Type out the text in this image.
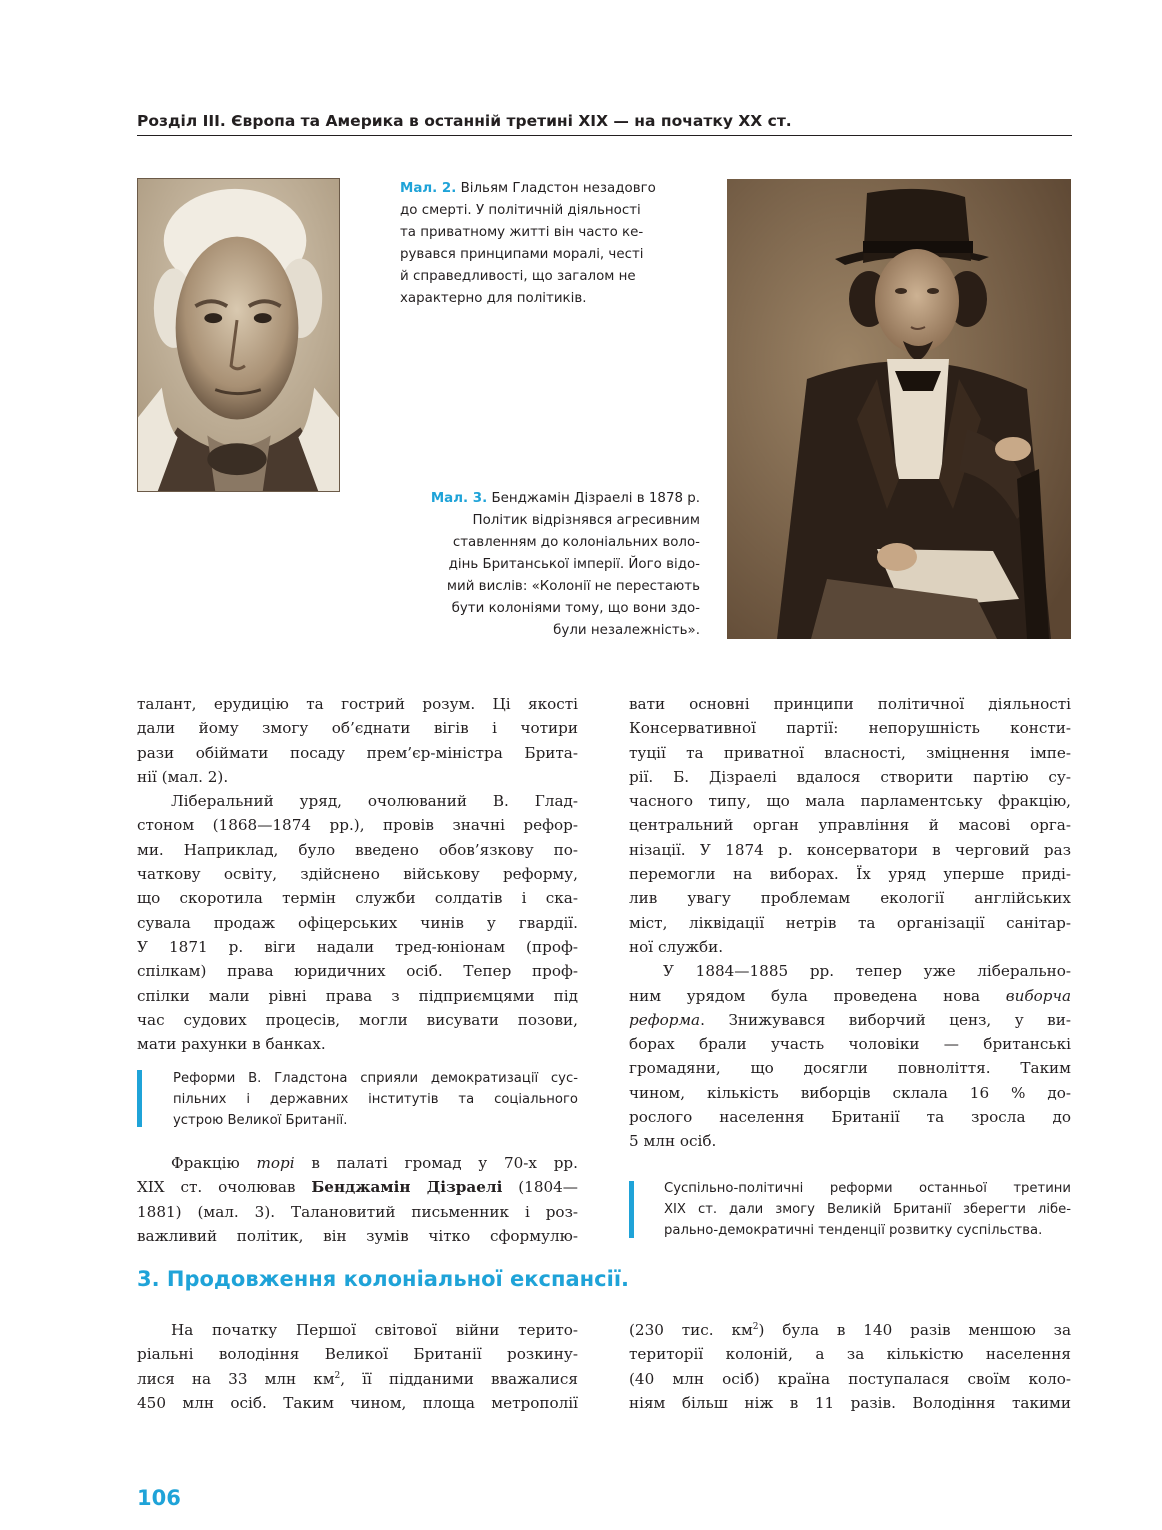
Розділ III. Європа та Америка в останній третині XIX — на початку XX ст.

Мал. 2. Вільям Гладстон незадовго

до смерті. У політичній діяльності

та приватному житті він часто ке-

рувався принципами моралі, честі

й справедливості, що загалом не

характерно для політиків.

Мал. 3. Бенджамін Дізраелі в 1878 р.

Політик відрізнявся агресивним

ставленням до колоніальних воло-

дінь Британської імперії. Його відо-

мий вислів: «Колонії не перестають

бути колоніями тому, що вони здо-

були незалежність».

талант, ерудицію та гострий розум. Ці якості

дали йому змогу об’єднати вігів і чотири

рази обіймати посаду прем’єр-міністра Брита-

нії (мал. 2).

Ліберальний уряд, очолюваний В. Глад-

стоном (1868—1874 рр.), провів значні рефор-

ми. Наприклад, було введено обов’язкову по-

чаткову освіту, здійснено військову реформу,

що скоротила термін служби солдатів і ска-

сувала продаж офіцерських чинів у гвардії.

У 1871 р. віги надали тред-юніонам (проф-

спілкам) права юридичних осіб. Тепер проф-

спілки мали рівні права з підприємцями під

час судових процесів, могли висувати позови,

мати рахунки в банках.

Реформи В. Гладстона сприяли демократизації сус-

пільних і державних інститутів та соціального

устрою Великої Британії.

Фракцію торі в палаті громад у 70-х рр.

XIX ст. очолював Бенджамін Дізраелі (1804—

1881) (мал. 3). Талановитий письменник і роз-

важливий політик, він зумів чітко сформулю-

вати основні принципи політичної діяльності

Консервативної партії: непорушність консти-

туції та приватної власності, зміцнення імпе-

рії. Б. Дізраелі вдалося створити партію су-

часного типу, що мала парламентську фракцію,

центральний орган управління й масові орга-

нізації. У 1874 р. консерватори в черговий раз

перемогли на виборах. Їх уряд уперше приді-

лив увагу проблемам екології англійських

міст, ліквідації нетрів та організації санітар-

ної служби.

У 1884—1885 рр. тепер уже ліберально-

ним урядом була проведена нова виборча

реформа. Знижувався виборчий ценз, у ви-

борах брали участь чоловіки — британські

громадяни, що досягли повноліття. Таким

чином, кількість виборців склала 16 % до-

рослого населення Британії та зросла до

5 млн осіб.

Суспільно-політичні реформи останньої третини

XIX ст. дали змогу Великій Британії зберегти лібе-

рально-демократичні тенденції розвитку суспільства.

3. Продовження колоніальної експансії.

На початку Першої світової війни терито-

ріальні володіння Великої Британії розкину-

лися на 33 млн $км^2$, її підданими вважалися

450 млн осіб. Таким чином, площа метрополії

(230 тис. $км^2$) була в 140 разів меншою за

території колоній, а за кількістю населення

(40 млн осіб) країна поступалася своїм коло-

ніям більш ніж в 11 разів. Володіння такими

106
